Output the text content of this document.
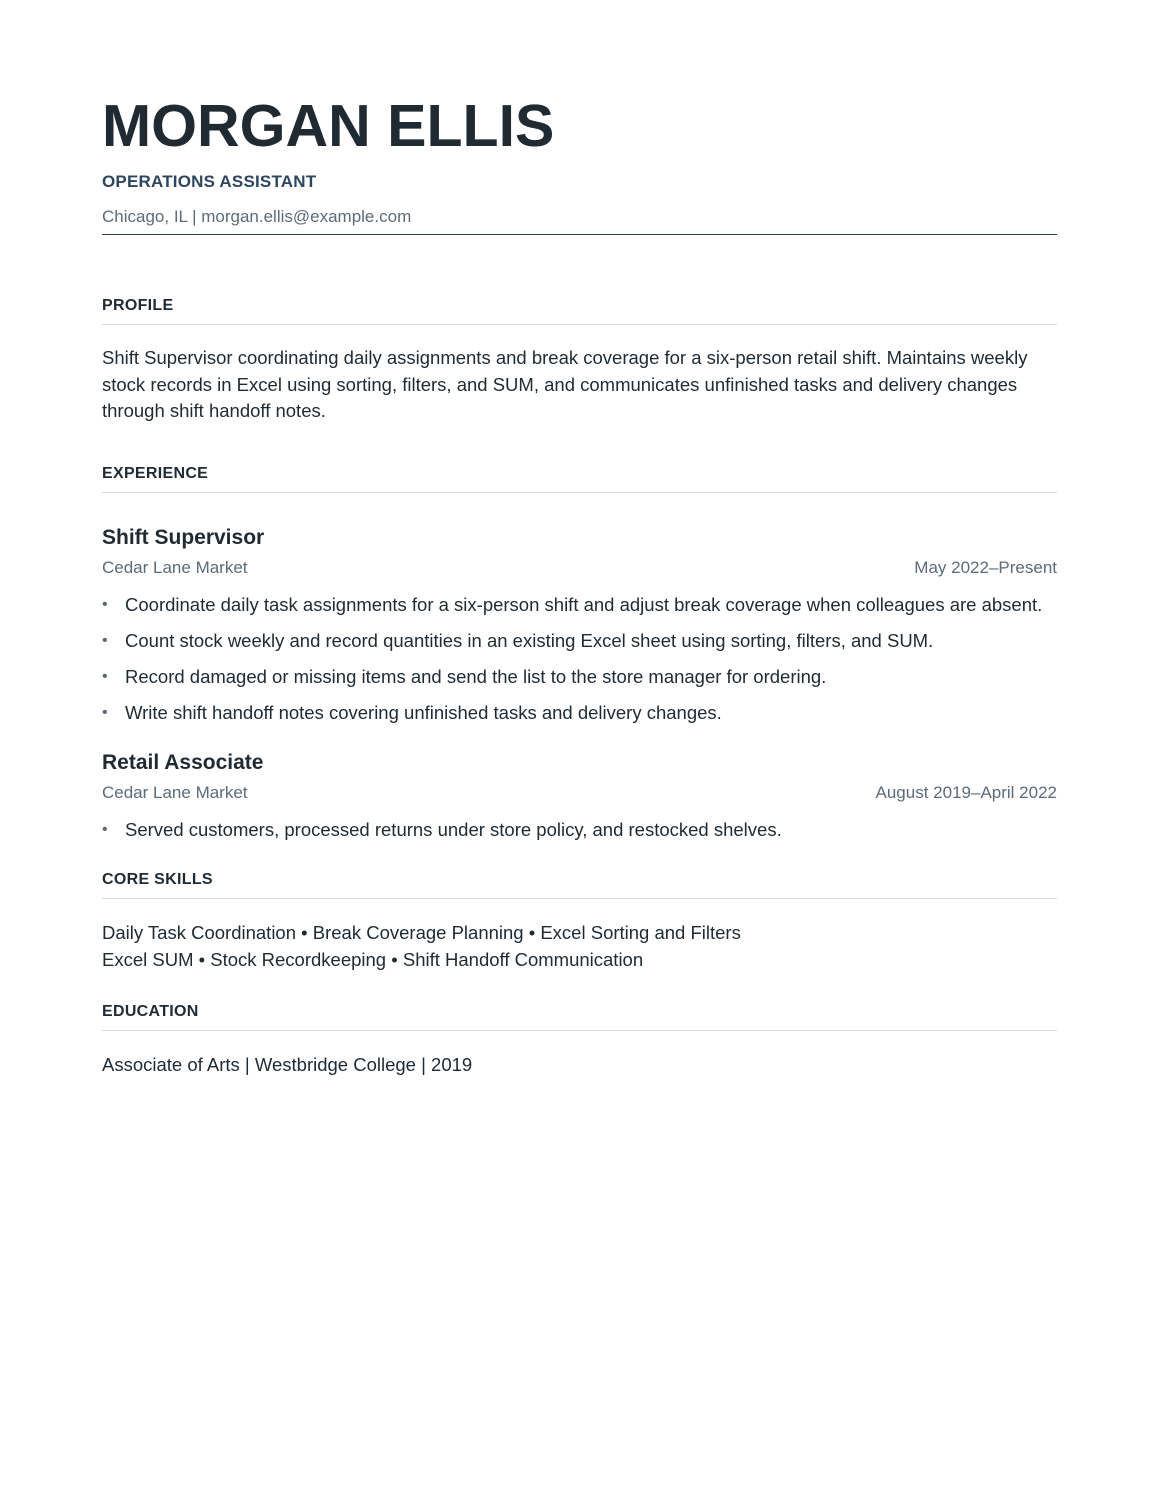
MORGAN ELLIS
OPERATIONS ASSISTANT
Chicago, IL | morgan.ellis@example.com
PROFILE
Shift Supervisor coordinating daily assignments and break coverage for a six-person retail shift. Maintains weekly stock records in Excel using sorting, filters, and SUM, and communicates unfinished tasks and delivery changes through shift handoff notes.
EXPERIENCE
Shift Supervisor
Cedar Lane Market	May 2022–Present
• Coordinate daily task assignments for a six-person shift and adjust break coverage when colleagues are absent.
• Count stock weekly and record quantities in an existing Excel sheet using sorting, filters, and SUM.
• Record damaged or missing items and send the list to the store manager for ordering.
• Write shift handoff notes covering unfinished tasks and delivery changes.
Retail Associate
Cedar Lane Market	August 2019–April 2022
• Served customers, processed returns under store policy, and restocked shelves.
CORE SKILLS
Daily Task Coordination • Break Coverage Planning • Excel Sorting and Filters
Excel SUM • Stock Recordkeeping • Shift Handoff Communication
EDUCATION
Associate of Arts | Westbridge College | 2019
